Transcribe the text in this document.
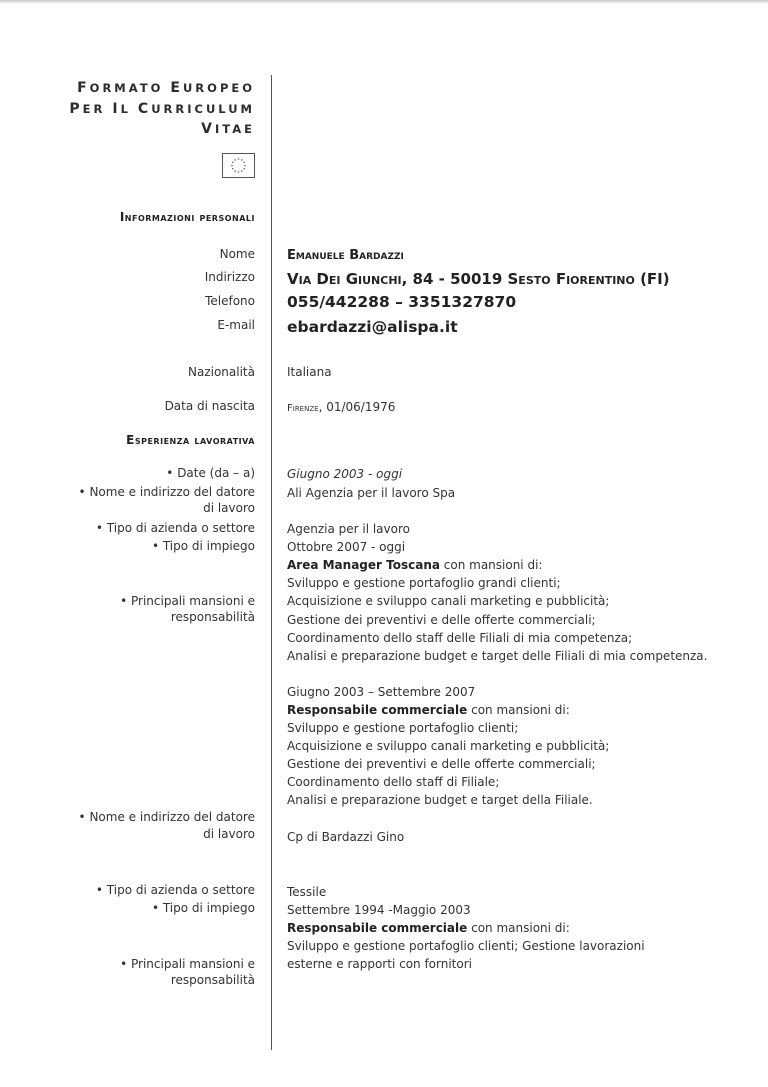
FORMATO EUROPEO
PER IL CURRICULUM
VITAE
Informazioni personali
Nome
Indirizzo
Telefono
E-mail
Nazionalità
Data di nascita
Emanuele Bardazzi
Via Dei Giunchi, 84 - 50019 Sesto Fiorentino (FI)
055/442288 – 3351327870
ebardazzi@alispa.it
Italiana
Firenze, 01/06/1976
Esperienza lavorativa
• Date (da – a)
• Nome e indirizzo del datore
di lavoro
• Tipo di azienda o settore
• Tipo di impiego
• Principali mansioni e
responsabilità
Giugno 2003 - oggi
Ali Agenzia per il lavoro Spa
Agenzia per il lavoro
Ottobre 2007 - oggi
Area Manager Toscana con mansioni di:
Sviluppo e gestione portafoglio grandi clienti;
Acquisizione e sviluppo canali marketing e pubblicità;
Gestione dei preventivi e delle offerte commerciali;
Coordinamento dello staff delle Filiali di mia competenza;
Analisi e preparazione budget e target delle Filiali di mia competenza.
Giugno 2003 – Settembre 2007
Responsabile commerciale con mansioni di:
Sviluppo e gestione portafoglio clienti;
Acquisizione e sviluppo canali marketing e pubblicità;
Gestione dei preventivi e delle offerte commerciali;
Coordinamento dello staff di Filiale;
Analisi e preparazione budget e target della Filiale.
• Nome e indirizzo del datore
di lavoro	Cp di Bardazzi Gino
• Tipo di azienda o settore
• Tipo di impiego
• Principali mansioni e
responsabilità
Tessile
Settembre 1994 -Maggio 2003
Responsabile commerciale con mansioni di:
Sviluppo e gestione portafoglio clienti; Gestione lavorazioni
esterne e rapporti con fornitori
